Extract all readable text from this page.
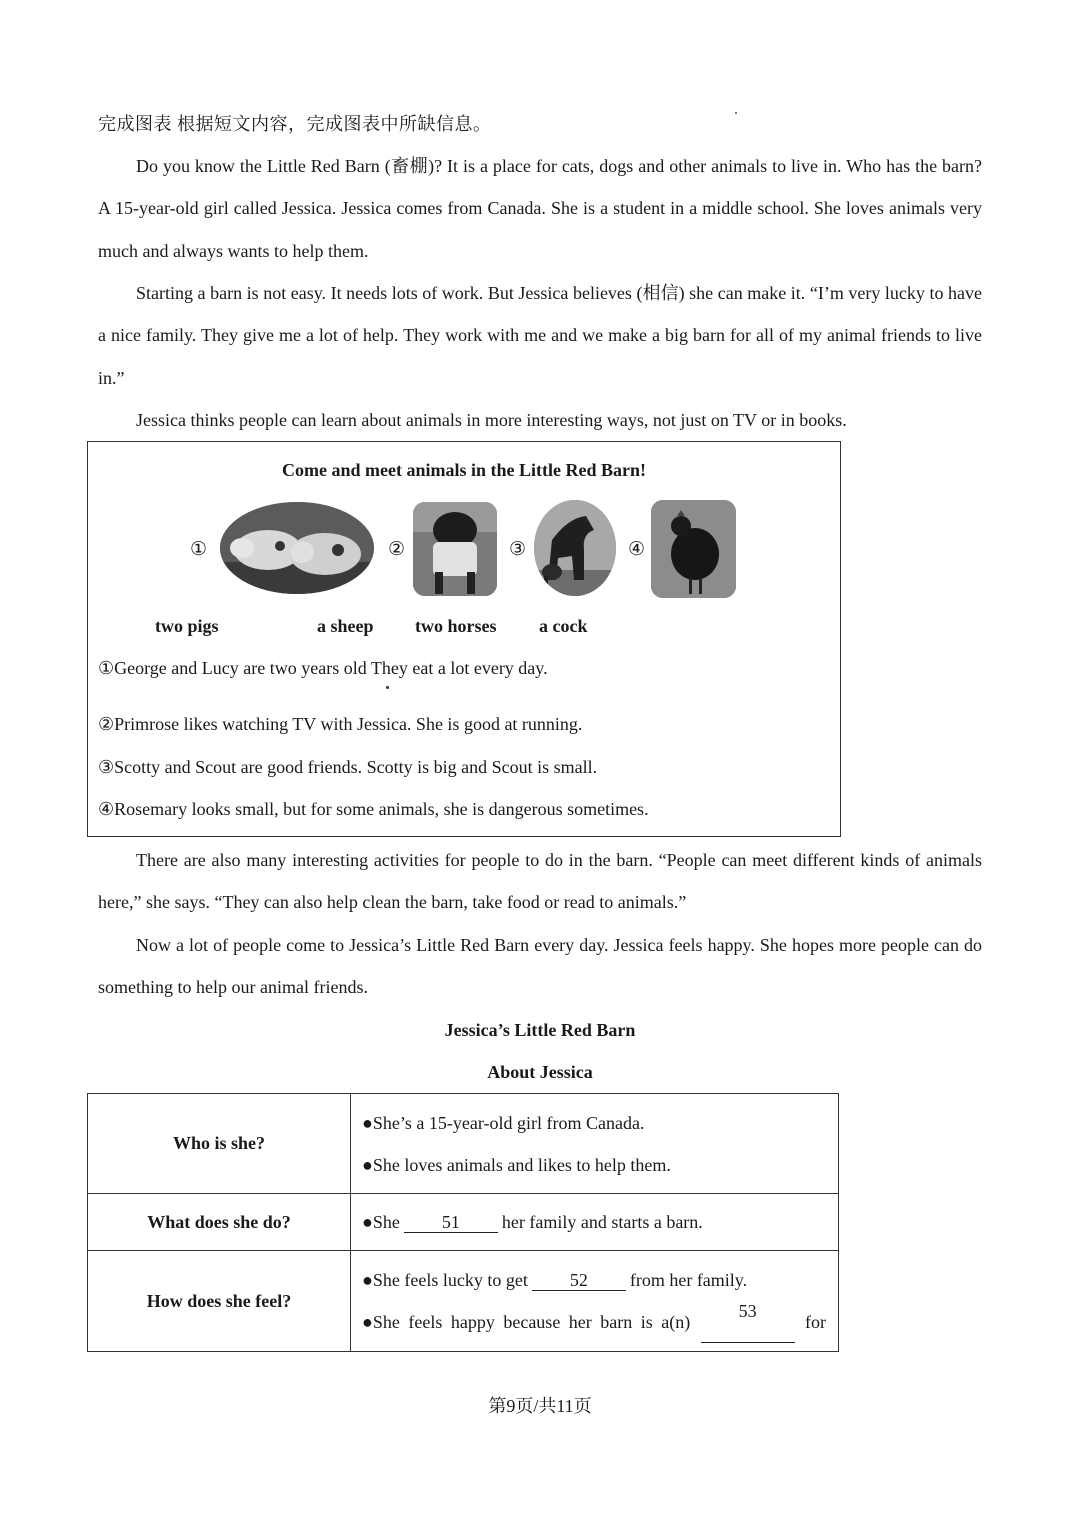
完成图表 根据短文内容，完成图表中所缺信息。

Do you know the Little Red Barn (畜棚)? It is a place for cats, dogs and other animals to live in. Who has the barn? A 15-year-old girl called Jessica. Jessica comes from Canada. She is a student in a middle school. She loves animals very much and always wants to help them.

Starting a barn is not easy. It needs lots of work. But Jessica believes (相信) she can make it. “I’m very lucky to have a nice family. They give me a lot of help. They work with me and we make a big barn for all of my animal friends to live in.”

Jessica thinks people can learn about animals in more interesting ways, not just on TV or in books.

Come and meet animals in the Little Red Barn!
①	②	③	④
two pigs	a sheep two horses a cock
①George and Lucy are two years old They eat a lot every day.
②Primrose likes watching TV with Jessica. She is good at running.
③Scotty and Scout are good friends. Scotty is big and Scout is small.
④Rosemary looks small, but for some animals, she is dangerous sometimes.

There are also many interesting activities for people to do in the barn. “People can meet different kinds of animals here,” she says. “They can also help clean the barn, take food or read to animals.”

Now a lot of people come to Jessica’s Little Red Barn every day. Jessica feels happy. She hopes more people can do something to help our animal friends.

Jessica’s Little Red Barn
About Jessica
Who is she?	●She’s a 15-year-old girl from Canada.
●She loves animals and likes to help them.

What does she do?	●She 51 her family and starts a barn.

How does she feel?	●She feels lucky to get 52 from her family.
●She feels happy because her barn is a(n)
53
for
第9页/共11页
